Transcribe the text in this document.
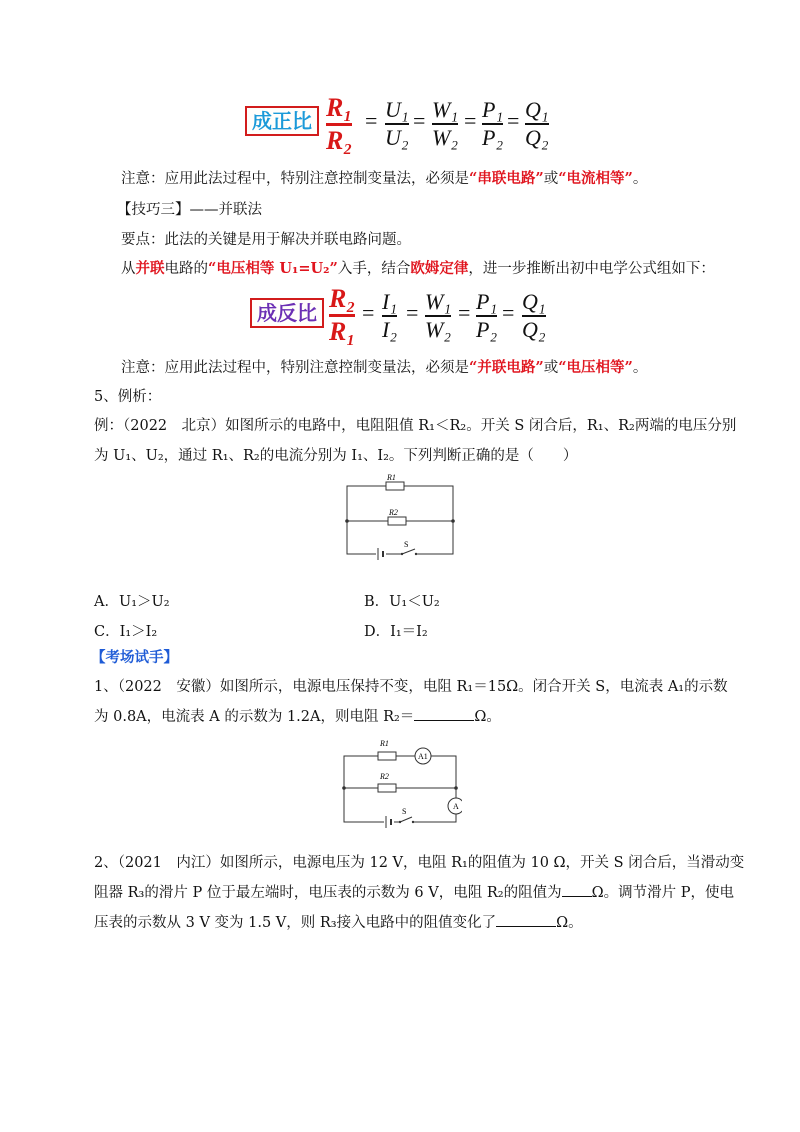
成正比 R₁
R₂
= U₁
U₂
= W₁
W₂
= P₁
P₂
= Q₁
Q₂
注意：应用此法过程中，特别注意控制变量法，必须是“串联电路”或“电流相等”。
【技巧三】——并联法
要点：此法的关键是用于解决并联电路问题。
从并联电路的“电压相等 U₁=U₂”入手，结合欧姆定律，进一步推断出初中电学公式组如下：
成反比 R₂
R₁
= I₁
I₂
= W₁
W₂
= P₁
P₂
= Q₁
Q₂
注意：应用此法过程中，特别注意控制变量法，必须是“并联电路”或“电压相等”。
5、例析：
例：（2022　北京）如图所示的电路中，电阻阻值 R₁＜R₂。开关 S 闭合后，R₁、R₂两端的电压分别
为 U₁、U₂，通过 R₁、R₂的电流分别为 I₁、I₂。下列判断正确的是（　　）
R1
R2
S
A．U₁＞U₂	B．U₁＜U₂
C．I₁＞I₂	D．I₁＝I₂
【考场试手】
1、（2022　安徽）如图所示，电源电压保持不变，电阻 R₁＝15Ω。闭合开关 S，电流表 A₁的示数
为 0.8A，电流表 A 的示数为 1.2A，则电阻 R₂＝	Ω。
R1
A1
R2
A
S
2、（2021　内江）如图所示，电源电压为 12 V，电阻 R₁的阻值为 10 Ω，开关 S 闭合后，当滑动变
阻器 R₃的滑片 P 位于最左端时，电压表的示数为 6 V，电阻 R₂的阻值为 Ω。调节滑片 P，使电
压表的示数从 3 V 变为 1.5 V，则 R₃接入电路中的阻值变化了	Ω。
